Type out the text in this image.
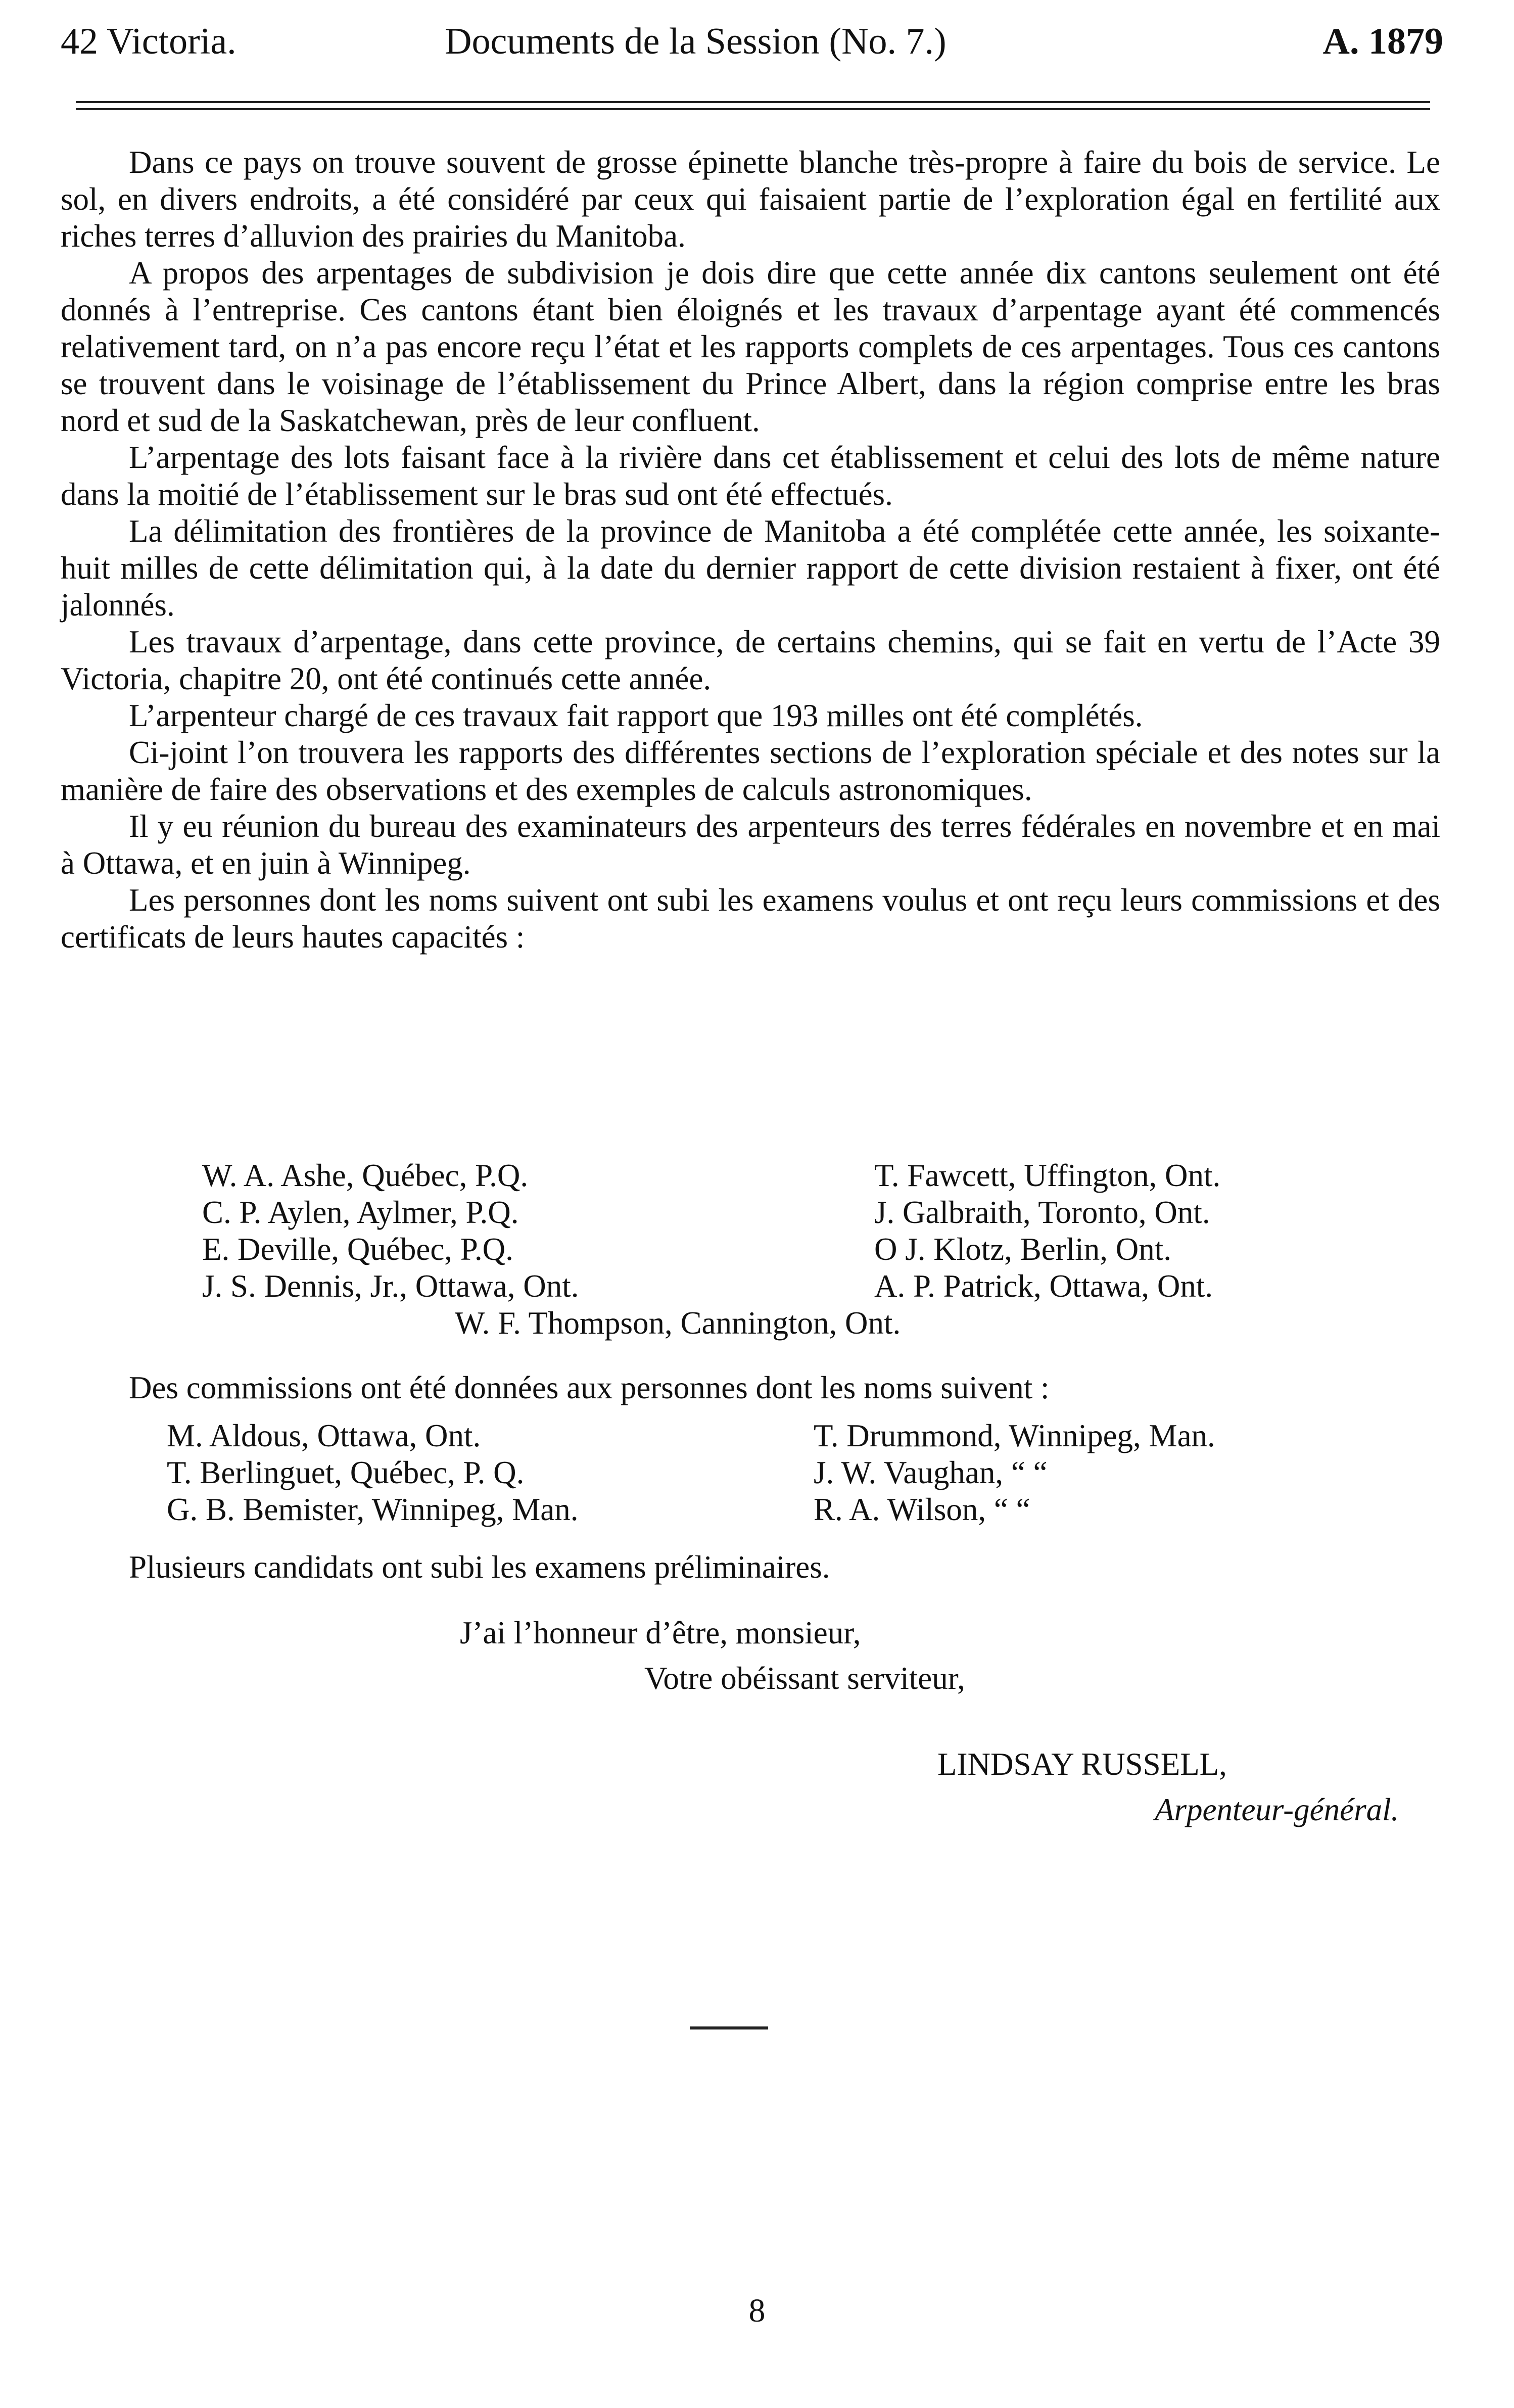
42 Victoria.	Documents de la Session (No. 7.)	A. 1879

Dans ce pays on trouve souvent de grosse épinette blanche très-propre à faire du bois de service. Le sol, en divers endroits, a été considéré par ceux qui faisaient partie de l’exploration égal en fertilité aux riches terres d’alluvion des prairies du Manitoba.

A propos des arpentages de subdivision je dois dire que cette année dix cantons seulement ont été donnés à l’entreprise. Ces cantons étant bien éloignés et les travaux d’arpentage ayant été commencés relativement tard, on n’a pas encore reçu l’état et les rapports complets de ces arpentages. Tous ces cantons se trouvent dans le voisinage de l’établissement du Prince Albert, dans la région comprise entre les bras nord et sud de la Saskatchewan, près de leur confluent.

L’arpentage des lots faisant face à la rivière dans cet établissement et celui des lots de même nature dans la moitié de l’établissement sur le bras sud ont été effectués.

La délimitation des frontières de la province de Manitoba a été complétée cette année, les soixante-huit milles de cette délimitation qui, à la date du dernier rapport de cette division restaient à fixer, ont été jalonnés.

Les travaux d’arpentage, dans cette province, de certains chemins, qui se fait en vertu de l’Acte 39 Victoria, chapitre 20, ont été continués cette année.

L’arpenteur chargé de ces travaux fait rapport que 193 milles ont été complétés.

Ci-joint l’on trouvera les rapports des différentes sections de l’exploration spéciale et des notes sur la manière de faire des observations et des exemples de calculs astronomiques.

Il y eu réunion du bureau des examinateurs des arpenteurs des terres fédérales en novembre et en mai à Ottawa, et en juin à Winnipeg.

Les personnes dont les noms suivent ont subi les examens voulus et ont reçu leurs commissions et des certificats de leurs hautes capacités :

W. A. Ashe, Québec, P.Q.	T. Fawcett, Uffington, Ont.
C. P. Aylen, Aylmer, P.Q.	J. Galbraith, Toronto, Ont.
E. Deville, Québec, P.Q.	O J. Klotz, Berlin, Ont.
J. S. Dennis, Jr., Ottawa, Ont.	A. P. Patrick, Ottawa, Ont.
W. F. Thompson, Cannington, Ont.
Des commissions ont été données aux personnes dont les noms suivent :
M. Aldous, Ottawa, Ont.	T. Drummond, Winnipeg, Man.
T. Berlinguet, Québec, P. Q.	J. W. Vaughan, “ “
G. B. Bemister, Winnipeg, Man.	R. A. Wilson, “ “
Plusieurs candidats ont subi les examens préliminaires.
J’ai l’honneur d’être, monsieur,
Votre obéissant serviteur,
LINDSAY RUSSELL,
Arpenteur-général.
8
